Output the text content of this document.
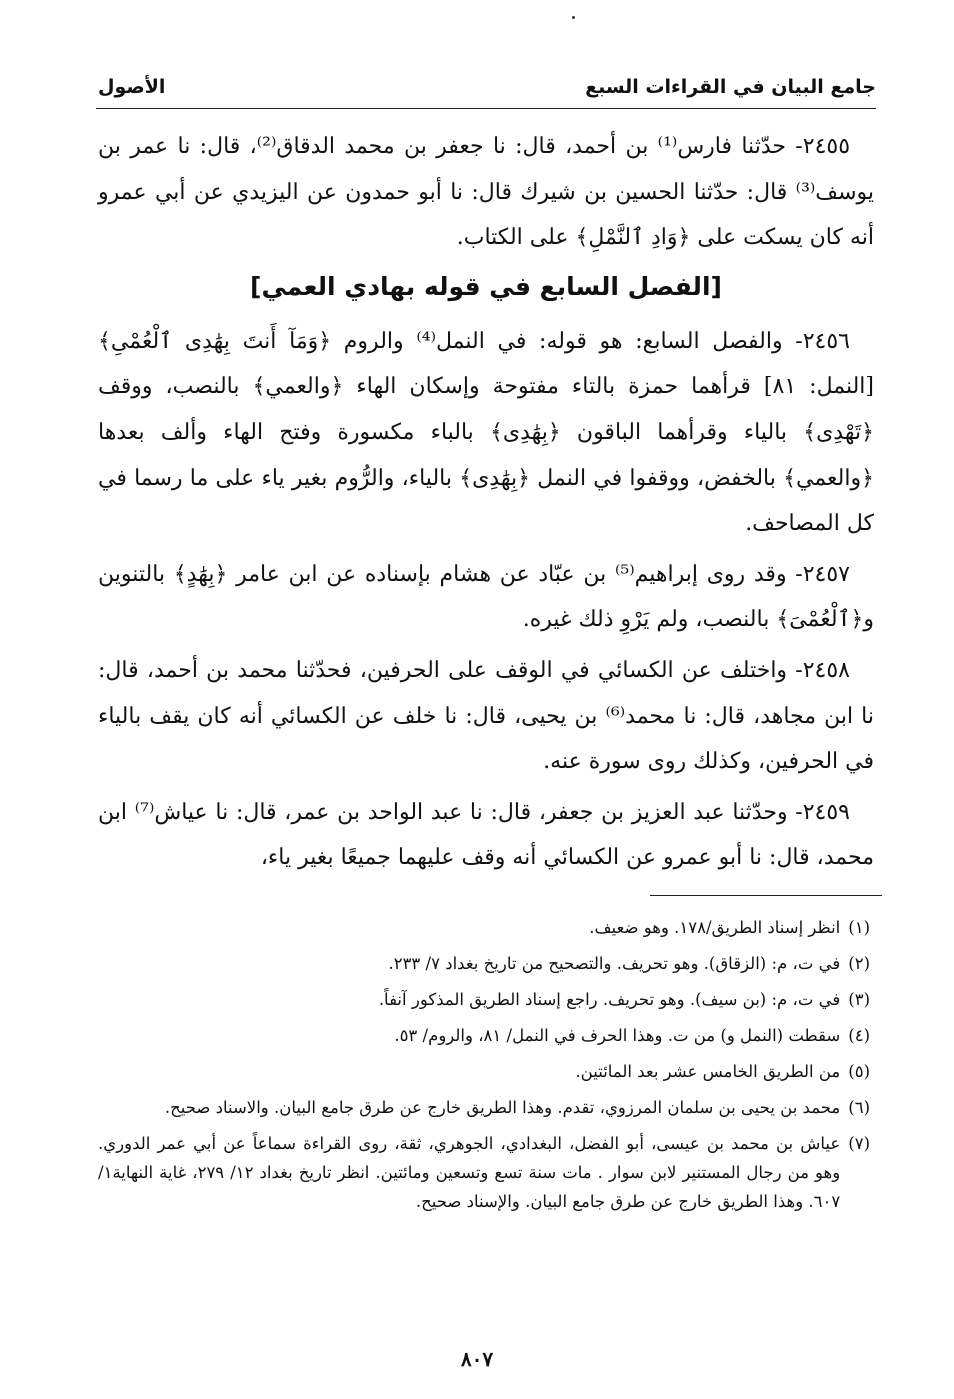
جامع البيان في القراءات السبع
الأصول

٢٤٥٥- حدّثنا فارس⁽¹⁾ بن أحمد، قال: نا جعفر بن محمد الدقاق⁽²⁾، قال: نا عمر بن يوسف⁽³⁾ قال: حدّثنا الحسين بن شيرك قال: نا أبو حمدون عن اليزيدي عن أبي عمرو أنه كان يسكت على ﴿وَادِ ٱلنَّمْلِ﴾ على الكتاب.

[الفصل السابع في قوله بهادي العمي]

٢٤٥٦- والفصل السابع: هو قوله: في النمل⁽⁴⁾ والروم ﴿وَمَآ أَنتَ بِهَٰدِى ٱلْعُمْىِ﴾ [النمل: ٨١] قرأهما حمزة بالتاء مفتوحة وإسكان الهاء ﴿والعمي﴾ بالنصب، ووقف ﴿تَهْدِى﴾ بالياء وقرأهما الباقون ﴿بِهَٰدِى﴾ بالباء مكسورة وفتح الهاء وألف بعدها ﴿والعمي﴾ بالخفض، ووقفوا في النمل ﴿بِهَٰدِى﴾ بالياء، والرُّوم بغير ياء على ما رسما في كل المصاحف.

٢٤٥٧- وقد روى إبراهيم⁽⁵⁾ بن عبّاد عن هشام بإسناده عن ابن عامر ﴿بِهَٰدٍ﴾ بالتنوين و﴿ٱلْعُمْىَ﴾ بالنصب، ولم يَرْوِ ذلك غيره.

٢٤٥٨- واختلف عن الكسائي في الوقف على الحرفين، فحدّثنا محمد بن أحمد، قال: نا ابن مجاهد، قال: نا محمد⁽⁶⁾ بن يحيى، قال: نا خلف عن الكسائي أنه كان يقف بالياء في الحرفين، وكذلك روى سورة عنه.

٢٤٥٩- وحدّثنا عبد العزيز بن جعفر، قال: نا عبد الواحد بن عمر، قال: نا عياش⁽⁷⁾ ابن محمد، قال: نا أبو عمرو عن الكسائي أنه وقف عليهما جميعًا بغير ياء،

(١)
انظر إسناد الطريق/١٧٨. وهو ضعيف.
(٢)
في ت، م: (الزقاق). وهو تحريف. والتصحيح من تاريخ بغداد ٧/ ٢٣٣.
(٣)
في ت، م: (بن سيف). وهو تحريف. راجع إسناد الطريق المذكور آنفاً.
(٤)
سقطت (النمل و) من ت. وهذا الحرف في النمل/ ٨١، والروم/ ٥٣.
(٥)
من الطريق الخامس عشر بعد المائتين.
(٦)
محمد بن يحيى بن سلمان المرزوي، تقدم. وهذا الطريق خارج عن طرق جامع البيان. والاسناد صحيح.
(٧)
عياش بن محمد بن عيسى، أبو الفضل، البغدادي، الجوهري، ثقة، روى القراءة سماعاً عن أبي عمر الدوري. وهو من رجال المستنير لابن سوار . مات سنة تسع وتسعين ومائتين. انظر تاريخ بغداد ١٢/ ٢٧٩، غاية النهاية١/ ٦٠٧. وهذا الطريق خارج عن طرق جامع البيان. والإسناد صحيح.
٨٠٧
